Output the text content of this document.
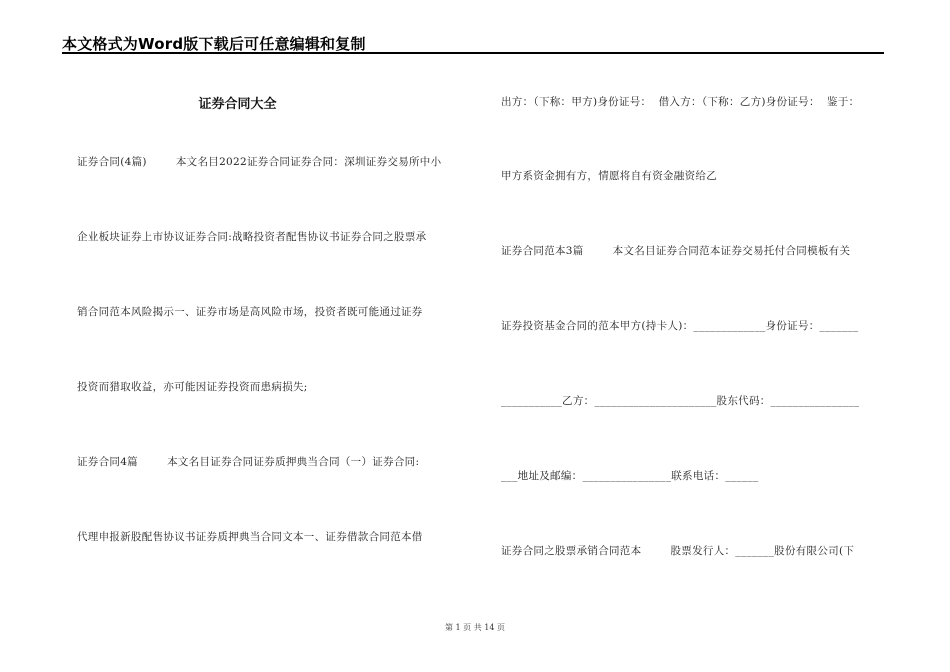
本文格式为Word版下载后可任意编辑和复制
证券合同大全
证券合同(4篇)        本文名目2022证券合同证券合同：深圳证券交易所中小
企业板块证券上市协议证券合同:战略投资者配售协议书证券合同之股票承
销合同范本风险揭示一、证券市场是高风险市场，投资者既可能通过证券
投资而猎取收益，亦可能因证券投资而患病损失;
证券合同4篇        本文名目证券合同证券质押典当合同（一）证券合同:
代理申报新股配售协议书证券质押典当合同文本一、证券借款合同范本借
出方：（下称：甲方)身份证号：  借入方：（下称：乙方)身份证号：  鉴于：
甲方系资金拥有方，情愿将自有资金融资给乙
证券合同范本3篇        本文名目证券合同范本证券交易托付合同模板有关
证券投资基金合同的范本甲方(持卡人)：_____________身份证号：_______
___________乙方：______________________股东代码：________________
___地址及邮编：________________联系电话：______
证券合同之股票承销合同范本        股票发行人：_______股份有限公司(下
第 1 页 共 14 页
